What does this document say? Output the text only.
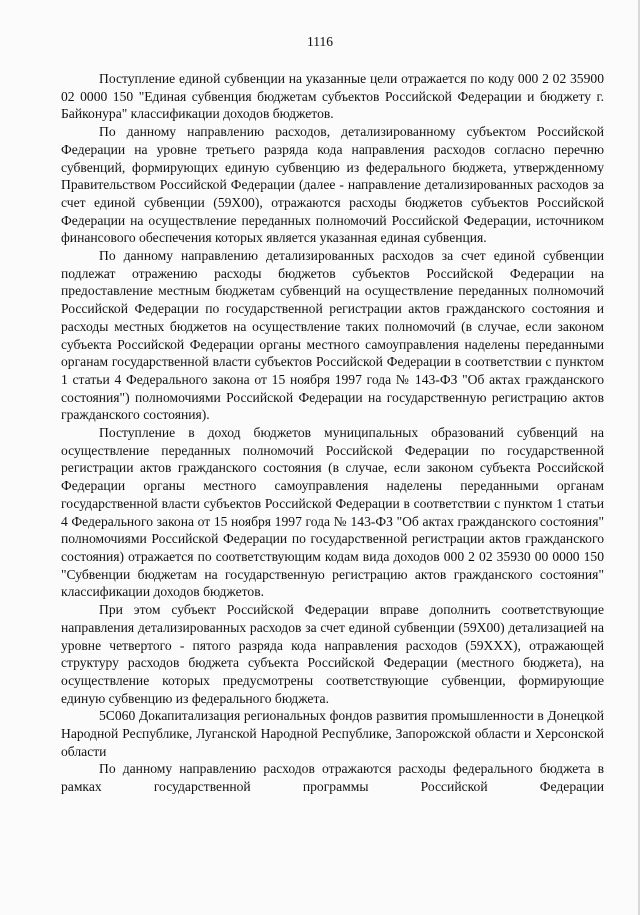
1116

Поступление единой субвенции на указанные цели отражается по коду 000 2 02 35900 02 0000 150 "Единая субвенция бюджетам субъектов Российской Федерации и бюджету г. Байконура" классификации доходов бюджетов.

По данному направлению расходов, детализированному субъектом Российской Федерации на уровне третьего разряда кода направления расходов согласно перечню субвенций, формирующих единую субвенцию из федерального бюджета, утвержденному Правительством Российской Федерации (далее - направление детализированных расходов за счет единой субвенции (59Х00), отражаются расходы бюджетов субъектов Российской Федерации на осуществление переданных полномочий Российской Федерации, источником финансового обеспечения которых является указанная единая субвенция.

По данному направлению детализированных расходов за счет единой субвенции подлежат отражению расходы бюджетов субъектов Российской Федерации на предоставление местным бюджетам субвенций на осуществление переданных полномочий Российской Федерации по государственной регистрации актов гражданского состояния и расходы местных бюджетов на осуществление таких полномочий (в случае, если законом субъекта Российской Федерации органы местного самоуправления наделены переданными органам государственной власти субъектов Российской Федерации в соответствии с пунктом 1 статьи 4 Федерального закона от 15 ноября 1997 года № 143-ФЗ "Об актах гражданского состояния") полномочиями Российской Федерации на государственную регистрацию актов гражданского состояния).

Поступление в доход бюджетов муниципальных образований субвенций на осуществление переданных полномочий Российской Федерации по государственной регистрации актов гражданского состояния (в случае, если законом субъекта Российской Федерации органы местного самоуправления наделены переданными органам государственной власти субъектов Российской Федерации в соответствии с пунктом 1 статьи 4 Федерального закона от 15 ноября 1997 года № 143-ФЗ "Об актах гражданского состояния" полномочиями Российской Федерации по государственной регистрации актов гражданского состояния) отражается по соответствующим кодам вида доходов 000 2 02 35930 00 0000 150 "Субвенции бюджетам на государственную регистрацию актов гражданского состояния" классификации доходов бюджетов.

При этом субъект Российской Федерации вправе дополнить соответствующие направления детализированных расходов за счет единой субвенции (59Х00) детализацией на уровне четвертого - пятого разряда кода направления расходов (59ХХХ), отражающей структуру расходов бюджета субъекта Российской Федерации (местного бюджета), на осуществление которых предусмотрены соответствующие субвенции, формирующие единую субвенцию из федерального бюджета.

5С060 Докапитализация региональных фондов развития промышленности в Донецкой Народной Республике, Луганской Народной Республике, Запорожской области и Херсонской области

По данному направлению расходов отражаются расходы федерального бюджета в рамках государственной программы Российской Федерации
